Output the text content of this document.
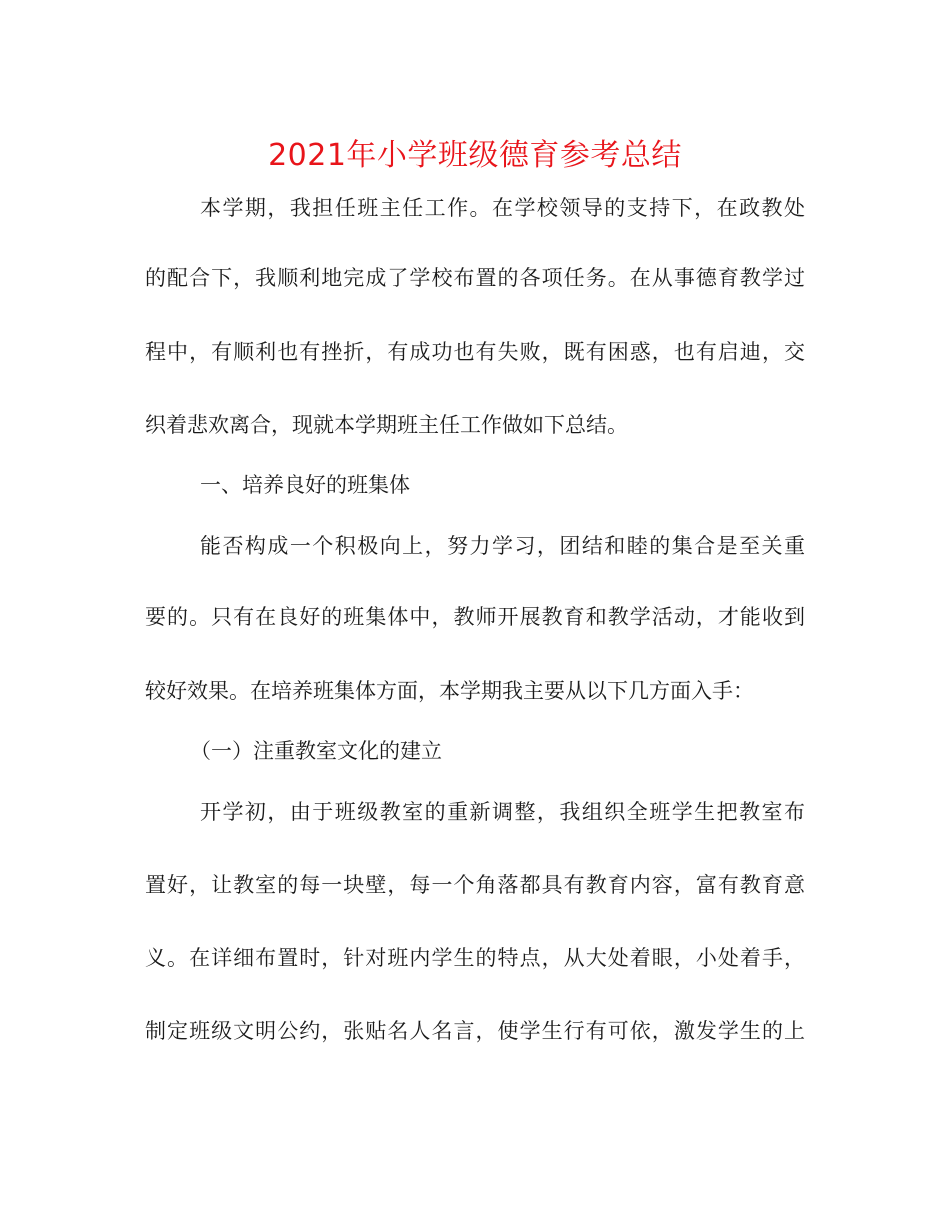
2021年小学班级德育参考总结

本学期，我担任班主任工作。在学校领导的支持下，在政教处

的配合下，我顺利地完成了学校布置的各项任务。在从事德育教学过

程中，有顺利也有挫折，有成功也有失败，既有困惑，也有启迪，交

织着悲欢离合，现就本学期班主任工作做如下总结。

一、培养良好的班集体

能否构成一个积极向上，努力学习，团结和睦的集合是至关重

要的。只有在良好的班集体中，教师开展教育和教学活动，才能收到

较好效果。在培养班集体方面，本学期我主要从以下几方面入手：

（一）注重教室文化的建立

开学初，由于班级教室的重新调整，我组织全班学生把教室布

置好，让教室的每一块壁，每一个角落都具有教育内容，富有教育意

义。在详细布置时，针对班内学生的特点，从大处着眼，小处着手，

制定班级文明公约，张贴名人名言，使学生行有可依，激发学生的上
